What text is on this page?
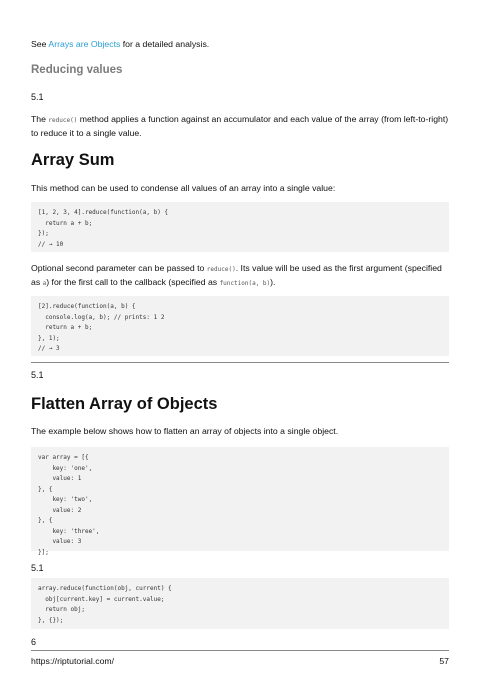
See Arrays are Objects for a detailed analysis.

Reducing values
5.1

The reduce() method applies a function against an accumulator and each value of the array (from left-to-right) to reduce it to a single value.

Array Sum

This method can be used to condense all values of an array into a single value:

[1, 2, 3, 4].reduce(function(a, b) {
return a + b;
});
// → 10

Optional second parameter can be passed to reduce(). Its value will be used as the first argument (specified as a) for the first call to the callback (specified as function(a, b)).

[2].reduce(function(a, b) {
console.log(a, b); // prints: 1 2
return a + b;
}, 1);
// → 3
5.1
Flatten Array of Objects

The example below shows how to flatten an array of objects into a single object.

var array = [{
key: 'one',
value: 1
}, {
key: 'two',
value: 2
}, {
key: 'three',
value: 3
}];
5.1
array.reduce(function(obj, current) {
obj[current.key] = current.value;
return obj;
}, {});
6
https://riptutorial.com/	57
